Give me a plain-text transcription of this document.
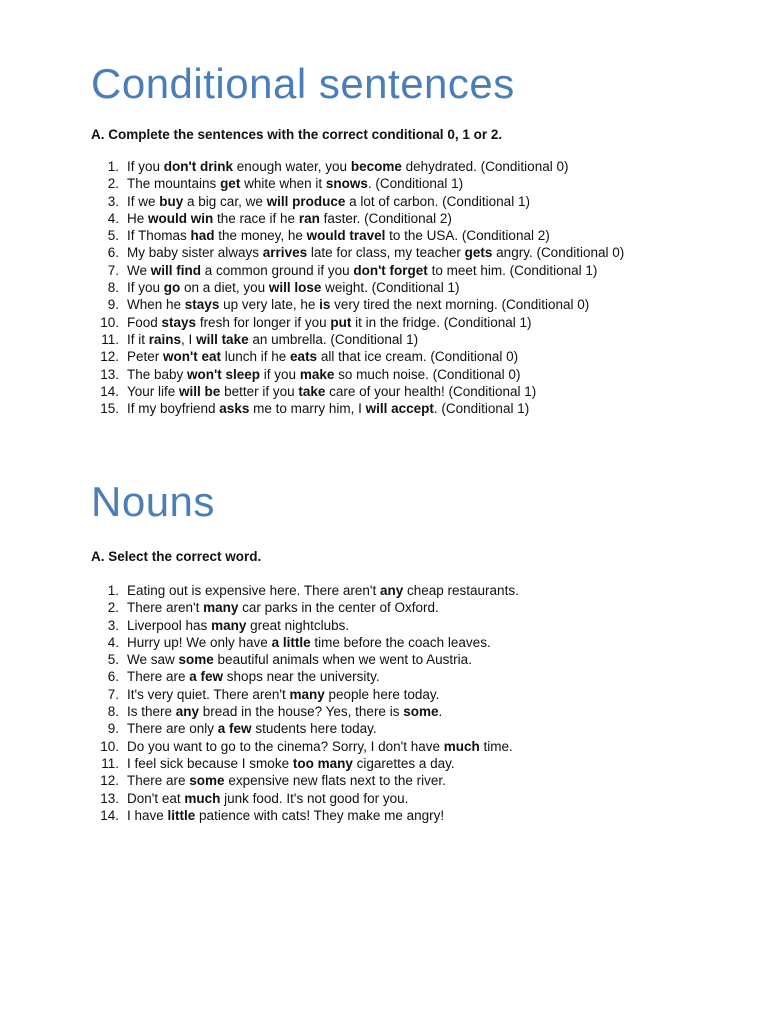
Conditional sentences

A. Complete the sentences with the correct conditional 0, 1 or 2.

1. If you don't drink enough water, you become dehydrated. (Conditional 0)
2. The mountains get white when it snows. (Conditional 1)
3. If we buy a big car, we will produce a lot of carbon. (Conditional 1)
4. He would win the race if he ran faster. (Conditional 2)
5. If Thomas had the money, he would travel to the USA. (Conditional 2)
6. My baby sister always arrives late for class, my teacher gets angry. (Conditional 0)
7. We will find a common ground if you don't forget to meet him. (Conditional 1)
8. If you go on a diet, you will lose weight. (Conditional 1)
9. When he stays up very late, he is very tired the next morning. (Conditional 0)
10. Food stays fresh for longer if you put it in the fridge. (Conditional 1)
11. If it rains, I will take an umbrella. (Conditional 1)
12. Peter won't eat lunch if he eats all that ice cream. (Conditional 0)
13. The baby won't sleep if you make so much noise. (Conditional 0)
14. Your life will be better if you take care of your health! (Conditional 1)
15. If my boyfriend asks me to marry him, I will accept. (Conditional 1)
Nouns

A. Select the correct word.

1. Eating out is expensive here. There aren't any cheap restaurants.
2. There aren't many car parks in the center of Oxford.
3. Liverpool has many great nightclubs.
4. Hurry up! We only have a little time before the coach leaves.
5. We saw some beautiful animals when we went to Austria.
6. There are a few shops near the university.
7. It's very quiet. There aren't many people here today.
8. Is there any bread in the house? Yes, there is some.
9. There are only a few students here today.
10. Do you want to go to the cinema? Sorry, I don't have much time.
11. I feel sick because I smoke too many cigarettes a day.
12. There are some expensive new flats next to the river.
13. Don't eat much junk food. It's not good for you.
14. I have little patience with cats! They make me angry!
